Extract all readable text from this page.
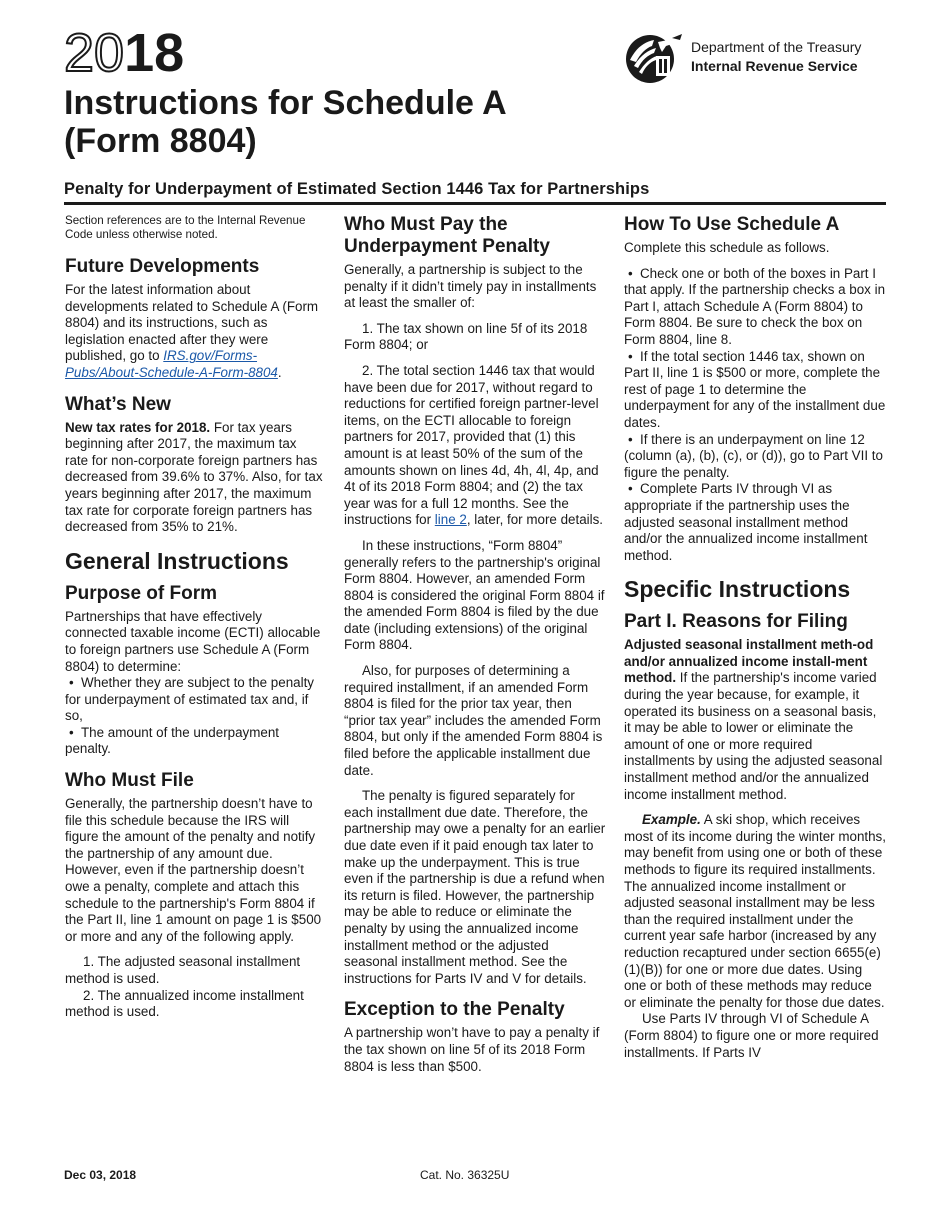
2018
Instructions for Schedule A
(Form 8804)
Department of the Treasury
Internal Revenue Service
Penalty for Underpayment of Estimated Section 1446 Tax for Partnerships

Section references are to the Internal Revenue Code unless otherwise noted.

Future Developments

For the latest information about developments related to Schedule A (Form 8804) and its instructions, such as legislation enacted after they were published, go to IRS.gov/Forms-Pubs/About-Schedule-A-Form-8804.

What’s New

New tax rates for 2018. For tax years beginning after 2017, the maximum tax rate for non-corporate foreign partners has decreased from 39.6% to 37%. Also, for tax years beginning after 2017, the maximum tax rate for corporate foreign partners has decreased from 35% to 21%.

General Instructions
Purpose of Form

Partnerships that have effectively connected taxable income (ECTI) allocable to foreign partners use Schedule A (Form 8804) to determine:

• Whether they are subject to the penalty for underpayment of estimated tax and, if so,
• The amount of the underpayment penalty.
Who Must File

Generally, the partnership doesn’t have to file this schedule because the IRS will figure the amount of the penalty and notify the partnership of any amount due. However, even if the partnership doesn’t owe a penalty, complete and attach this schedule to the partnership's Form 8804 if the Part II, line 1 amount on page 1 is $500 or more and any of the following apply.

1. The adjusted seasonal installment method is used.

2. The annualized income installment method is used.

Who Must Pay the Underpayment Penalty

Generally, a partnership is subject to the penalty if it didn’t timely pay in installments at least the smaller of:

1. The tax shown on line 5f of its 2018 Form 8804; or

2. The total section 1446 tax that would have been due for 2017, without regard to reductions for certified foreign partner-level items, on the ECTI allocable to foreign partners for 2017, provided that (1) this amount is at least 50% of the sum of the amounts shown on lines 4d, 4h, 4l, 4p, and 4t of its 2018 Form 8804; and (2) the tax year was for a full 12 months. See the instructions for line 2, later, for more details.

In these instructions, “Form 8804” generally refers to the partnership's original Form 8804. However, an amended Form 8804 is considered the original Form 8804 if the amended Form 8804 is filed by the due date (including extensions) of the original Form 8804.

Also, for purposes of determining a required installment, if an amended Form 8804 is filed for the prior tax year, then “prior tax year” includes the amended Form 8804, but only if the amended Form 8804 is filed before the applicable installment due date.

The penalty is figured separately for each installment due date. Therefore, the partnership may owe a penalty for an earlier due date even if it paid enough tax later to make up the underpayment. This is true even if the partnership is due a refund when its return is filed. However, the partnership may be able to reduce or eliminate the penalty by using the annualized income installment method or the adjusted seasonal installment method. See the instructions for Parts IV and V for details.

Exception to the Penalty

A partnership won’t have to pay a penalty if the tax shown on line 5f of its 2018 Form 8804 is less than $500.

How To Use Schedule A

Complete this schedule as follows.

• Check one or both of the boxes in Part I that apply. If the partnership checks a box in Part I, attach Schedule A (Form 8804) to Form 8804. Be sure to check the box on Form 8804, line 8.
• If the total section 1446 tax, shown on Part II, line 1 is $500 or more, complete the rest of page 1 to determine the underpayment for any of the installment due dates.
• If there is an underpayment on line 12 (column (a), (b), (c), or (d)), go to Part VII to figure the penalty.
• Complete Parts IV through VI as appropriate if the partnership uses the adjusted seasonal installment method and/or the annualized income installment method.
Specific Instructions
Part I. Reasons for Filing

Adjusted seasonal installment meth-od and/or annualized income install-ment method. If the partnership's income varied during the year because, for example, it operated its business on a seasonal basis, it may be able to lower or eliminate the amount of one or more required installments by using the adjusted seasonal installment method and/or the annualized income installment method.

Example. A ski shop, which receives most of its income during the winter months, may benefit from using one or both of these methods to figure its required installments. The annualized income installment or adjusted seasonal installment may be less than the required installment under the current year safe harbor (increased by any reduction recaptured under section 6655(e)(1)(B)) for one or more due dates. Using one or both of these methods may reduce or eliminate the penalty for those due dates.

Use Parts IV through VI of Schedule A (Form 8804) to figure one or more required installments. If Parts IV

Dec 03, 2018	Cat. No. 36325U
